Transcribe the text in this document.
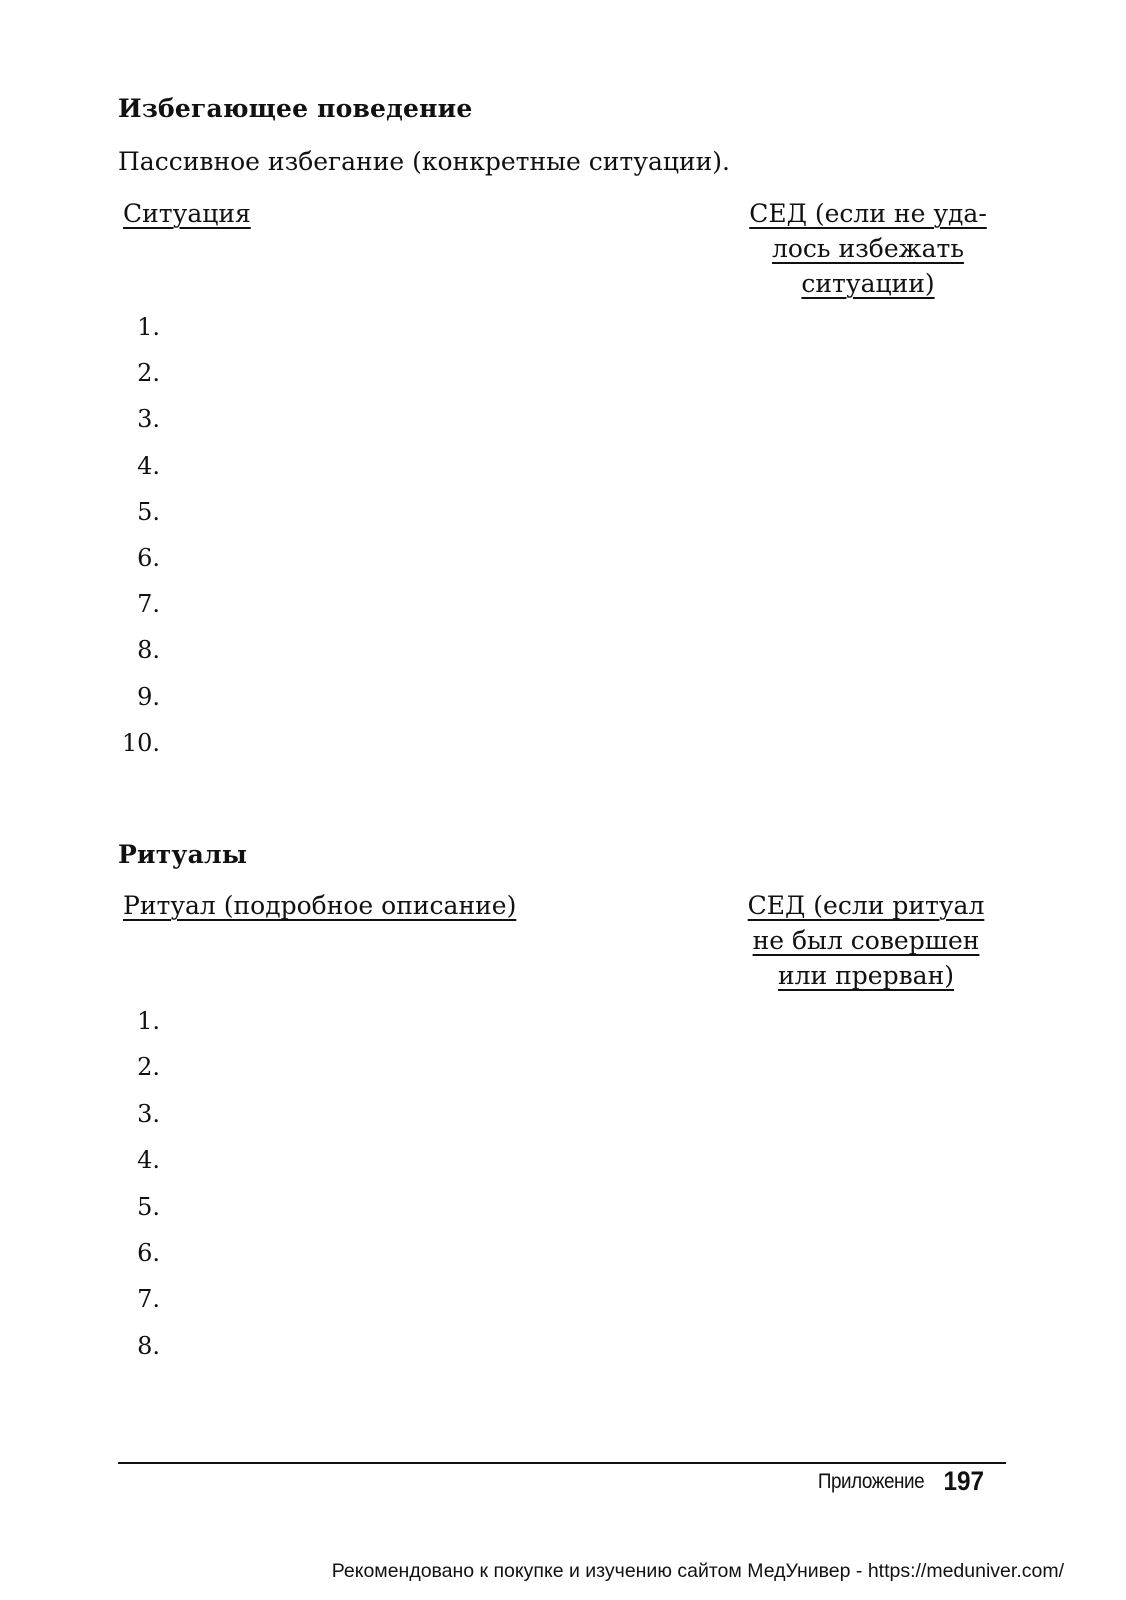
Избегающее поведение

Пассивное избегание (конкретные ситуации).

Ситуация	СЕД (если не уда-
лось избежать
ситуации)
1.
2.
3.
4.
5.
6.
7.
8.
9.
10.
Ритуалы
Ритуал (подробное описание)	СЕД (если ритуал
не был совершен
или прерван)
1.
2.
3.
4.
5.
6.
7.
8.
Приложение 197
Рекомендовано к покупке и изучению сайтом МедУнивер - https://meduniver.com/
